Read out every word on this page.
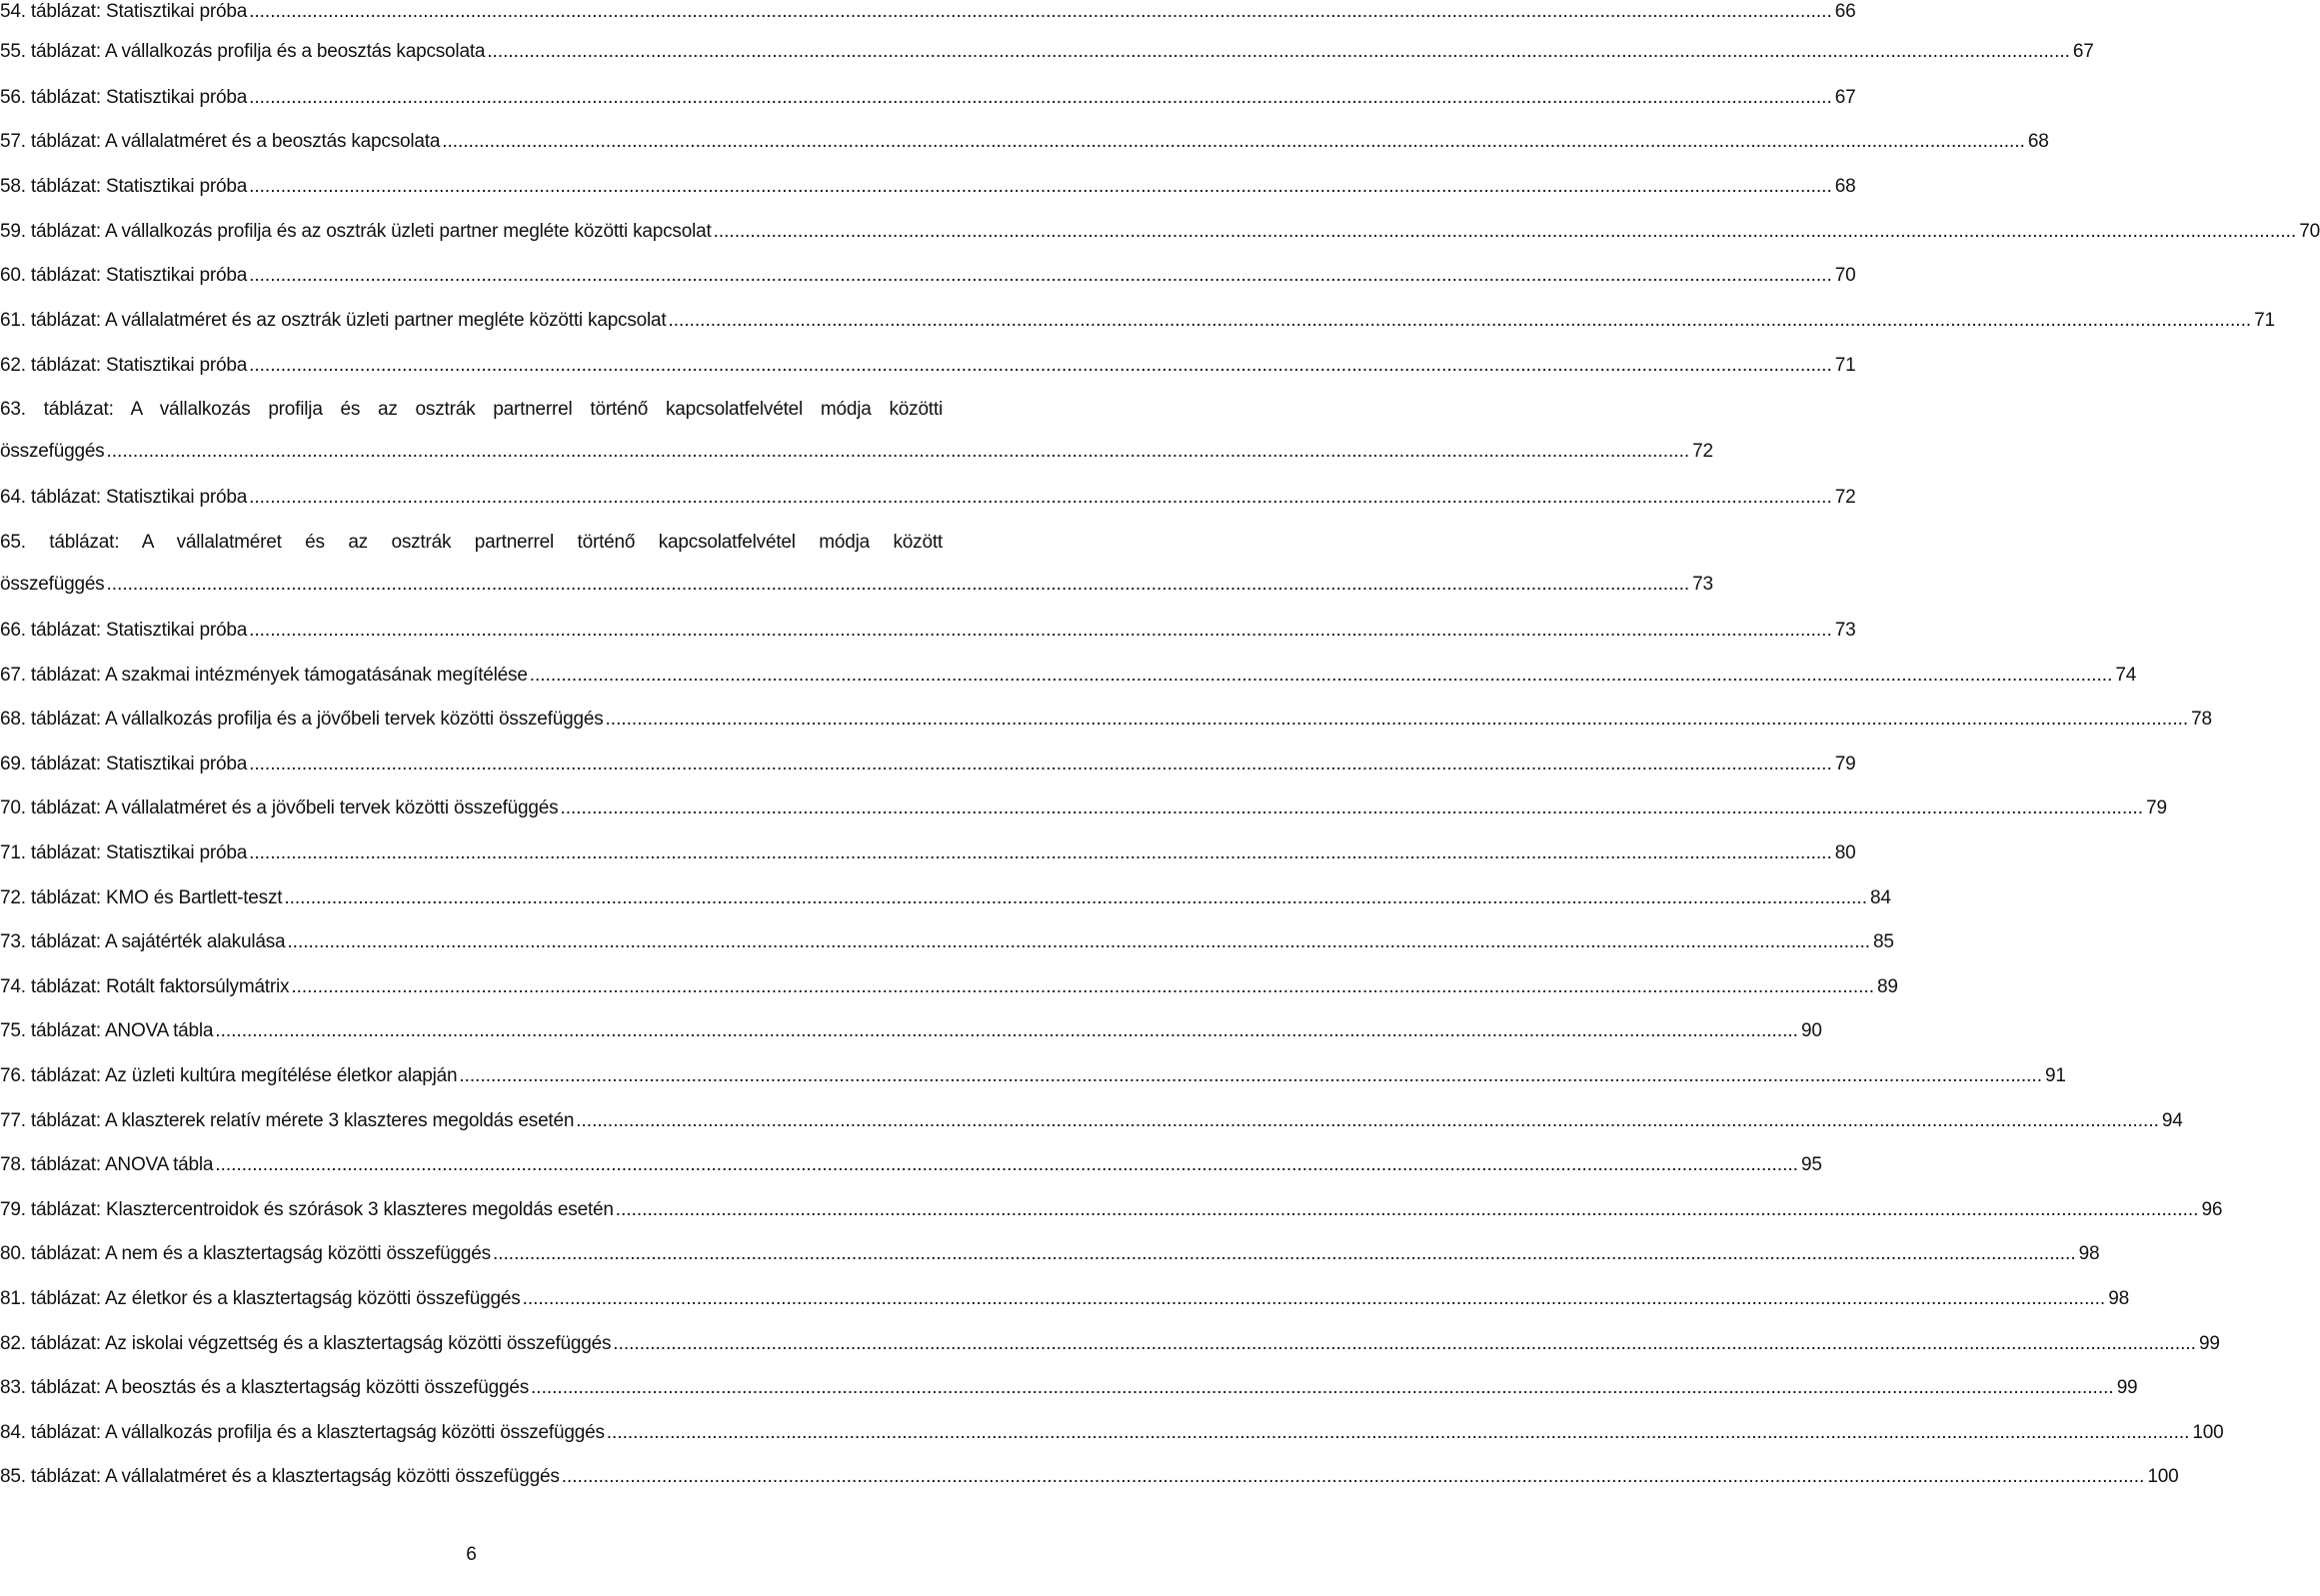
54. táblázat: Statisztikai próba ............................................................................................................................................................................................................................................................................................................ 66
55. táblázat: A vállalkozás profilja és a beosztás kapcsolata ............................................................................................................................................................................................................................................................................................................ 67
56. táblázat: Statisztikai próba ............................................................................................................................................................................................................................................................................................................ 67
57. táblázat: A vállalatméret és a beosztás kapcsolata ............................................................................................................................................................................................................................................................................................................ 68
58. táblázat: Statisztikai próba ............................................................................................................................................................................................................................................................................................................ 68
59. táblázat: A vállalkozás profilja és az osztrák üzleti partner megléte közötti kapcsolat ............................................................................................................................................................................................................................................................................................................ 70
60. táblázat: Statisztikai próba ............................................................................................................................................................................................................................................................................................................ 70
61. táblázat: A vállalatméret és az osztrák üzleti partner megléte közötti kapcsolat ............................................................................................................................................................................................................................................................................................................ 71
62. táblázat: Statisztikai próba ............................................................................................................................................................................................................................................................................................................ 71
63. táblázat: A vállalkozás profilja és az osztrák partnerrel történő kapcsolatfelvétel módja közötti
összefüggés ............................................................................................................................................................................................................................................................................................................ 72
64. táblázat: Statisztikai próba ............................................................................................................................................................................................................................................................................................................ 72
65. táblázat: A vállalatméret és az osztrák partnerrel történő kapcsolatfelvétel módja között
összefüggés ............................................................................................................................................................................................................................................................................................................ 73
66. táblázat: Statisztikai próba ............................................................................................................................................................................................................................................................................................................ 73
67. táblázat: A szakmai intézmények támogatásának megítélése ............................................................................................................................................................................................................................................................................................................ 74
68. táblázat: A vállalkozás profilja és a jövőbeli tervek közötti összefüggés ............................................................................................................................................................................................................................................................................................................ 78
69. táblázat: Statisztikai próba ............................................................................................................................................................................................................................................................................................................ 79
70. táblázat: A vállalatméret és a jövőbeli tervek közötti összefüggés ............................................................................................................................................................................................................................................................................................................ 79
71. táblázat: Statisztikai próba ............................................................................................................................................................................................................................................................................................................ 80
72. táblázat: KMO és Bartlett-teszt ............................................................................................................................................................................................................................................................................................................ 84
73. táblázat: A sajátérték alakulása ............................................................................................................................................................................................................................................................................................................ 85
74. táblázat: Rotált faktorsúlymátrix ............................................................................................................................................................................................................................................................................................................ 89
75. táblázat: ANOVA tábla ............................................................................................................................................................................................................................................................................................................ 90
76. táblázat: Az üzleti kultúra megítélése életkor alapján ............................................................................................................................................................................................................................................................................................................ 91
77. táblázat: A klaszterek relatív mérete 3 klaszteres megoldás esetén ............................................................................................................................................................................................................................................................................................................ 94
78. táblázat: ANOVA tábla ............................................................................................................................................................................................................................................................................................................ 95
79. táblázat: Klasztercentroidok és szórások 3 klaszteres megoldás esetén ............................................................................................................................................................................................................................................................................................................ 96
80. táblázat: A nem és a klasztertagság közötti összefüggés ............................................................................................................................................................................................................................................................................................................ 98
81. táblázat: Az életkor és a klasztertagság közötti összefüggés ............................................................................................................................................................................................................................................................................................................ 98
82. táblázat: Az iskolai végzettség és a klasztertagság közötti összefüggés ............................................................................................................................................................................................................................................................................................................ 99
83. táblázat: A beosztás és a klasztertagság közötti összefüggés ............................................................................................................................................................................................................................................................................................................ 99
84. táblázat: A vállalkozás profilja és a klasztertagság közötti összefüggés ............................................................................................................................................................................................................................................................................................................ 100
85. táblázat: A vállalatméret és a klasztertagság közötti összefüggés ............................................................................................................................................................................................................................................................................................................ 100
6
